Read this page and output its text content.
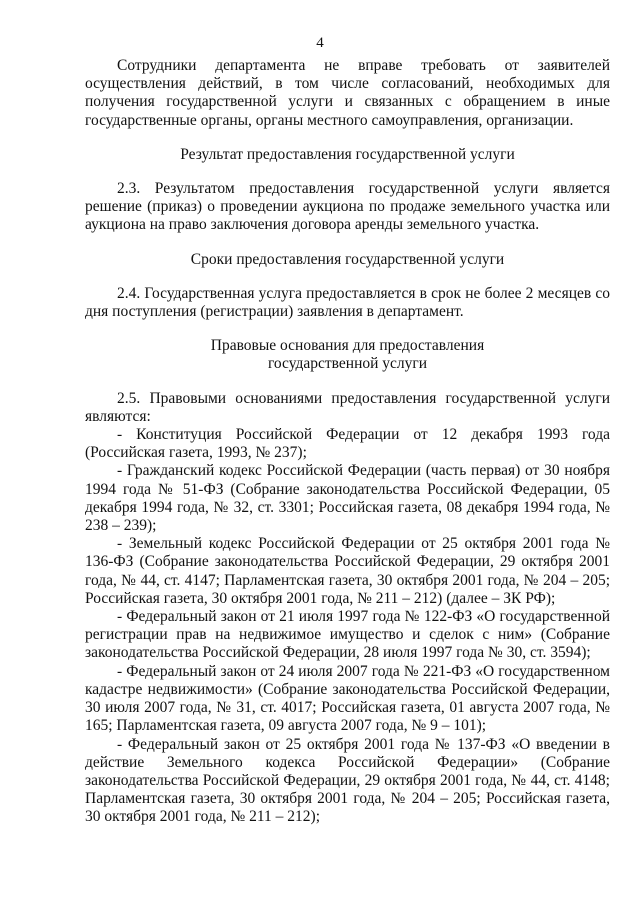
4

Сотрудники департамента не вправе требовать от заявителей осуществления действий, в том числе согласований, необходимых для получения государственной услуги и связанных с обращением в иные государственные органы, органы местного самоуправления, организации.

Результат предоставления государственной услуги

2.3. Результатом предоставления государственной услуги является решение (приказ) о проведении аукциона по продаже земельного участка или аукциона на право заключения договора аренды земельного участка.

Сроки предоставления государственной услуги

2.4. Государственная услуга предоставляется в срок не более 2 месяцев со дня поступления (регистрации) заявления в департамент.

Правовые основания для предоставления
государственной услуги

2.5. Правовыми основаниями предоставления государственной услуги являются:

- Конституция Российской Федерации от 12 декабря 1993 года (Российская газета, 1993, № 237);

- Гражданский кодекс Российской Федерации (часть первая) от 30 ноября 1994 года № 51-ФЗ (Собрание законодательства Российской Федерации, 05 декабря 1994 года, № 32, ст. 3301; Российская газета, 08 декабря 1994 года, № 238 – 239);

- Земельный кодекс Российской Федерации от 25 октября 2001 года № 136-ФЗ (Собрание законодательства Российской Федерации, 29 октября 2001 года, № 44, ст. 4147; Парламентская газета, 30 октября 2001 года, № 204 – 205; Российская газета, 30 октября 2001 года, № 211 – 212) (далее – ЗК РФ);

- Федеральный закон от 21 июля 1997 года № 122-ФЗ «О государственной регистрации прав на недвижимое имущество и сделок с ним» (Собрание законодательства Российской Федерации, 28 июля 1997 года № 30, ст. 3594);

- Федеральный закон от 24 июля 2007 года № 221-ФЗ «О государственном кадастре недвижимости» (Собрание законодательства Российской Федерации, 30 июля 2007 года, № 31, ст. 4017; Российская газета, 01 августа 2007 года, № 165; Парламентская газета, 09 августа 2007 года, № 9 – 101);

- Федеральный закон от 25 октября 2001 года № 137-ФЗ «О введении в действие Земельного кодекса Российской Федерации» (Собрание законодательства Российской Федерации, 29 октября 2001 года, № 44, ст. 4148; Парламентская газета, 30 октября 2001 года, № 204 – 205; Российская газета, 30 октября 2001 года, № 211 – 212);
